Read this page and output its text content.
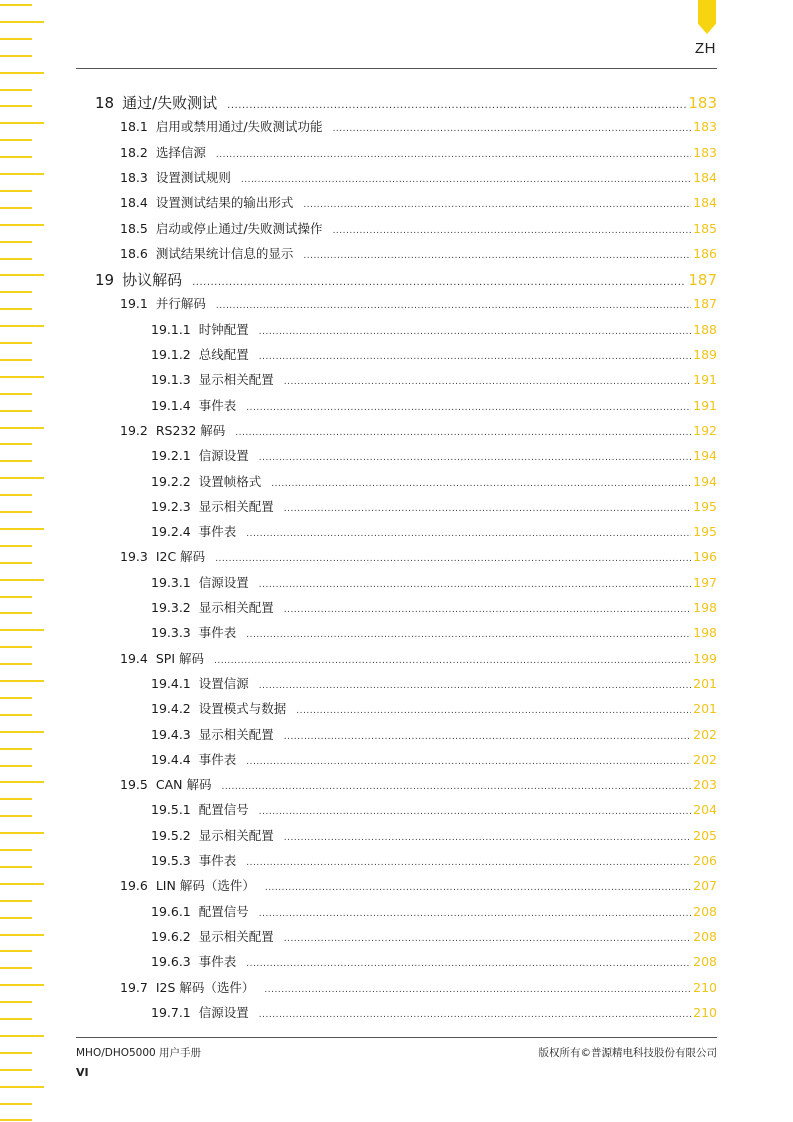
ZH
18 通过/失败测试 .....	183
18.1 启用或禁用通过/失败测试功能 .....	183
18.2 选择信源 .....	183
18.3 设置测试规则 .....	184
18.4 设置测试结果的输出形式 .....	184
18.5 启动或停止通过/失败测试操作 .....	185
18.6 测试结果统计信息的显示 .....	186
19 协议解码 .....	187
19.1 并行解码 .....	187
19.1.1 时钟配置 .....	188
19.1.2 总线配置 .....	189
19.1.3 显示相关配置 .....	191
19.1.4 事件表 .....	191
19.2 RS232 解码 .....	192
19.2.1 信源设置 .....	194
19.2.2 设置帧格式 .....	194
19.2.3 显示相关配置 .....	195
19.2.4 事件表 .....	195
19.3 I2C 解码 .....	196
19.3.1 信源设置 .....	197
19.3.2 显示相关配置 .....	198
19.3.3 事件表 .....	198
19.4 SPI 解码 .....	199
19.4.1 设置信源 .....	201
19.4.2 设置模式与数据 .....	201
19.4.3 显示相关配置 .....	202
19.4.4 事件表 .....	202
19.5 CAN 解码 .....	203
19.5.1 配置信号 .....	204
19.5.2 显示相关配置 .....	205
19.5.3 事件表 .....	206
19.6 LIN 解码（选件） .....	207
19.6.1 配置信号 .....	208
19.6.2 显示相关配置 .....	208
19.6.3 事件表 .....	208
19.7 I2S 解码（选件） .....	210
19.7.1 信源设置 .....	210
MHO/DHO5000 用户手册	版权所有©普源精电科技股份有限公司
VI
